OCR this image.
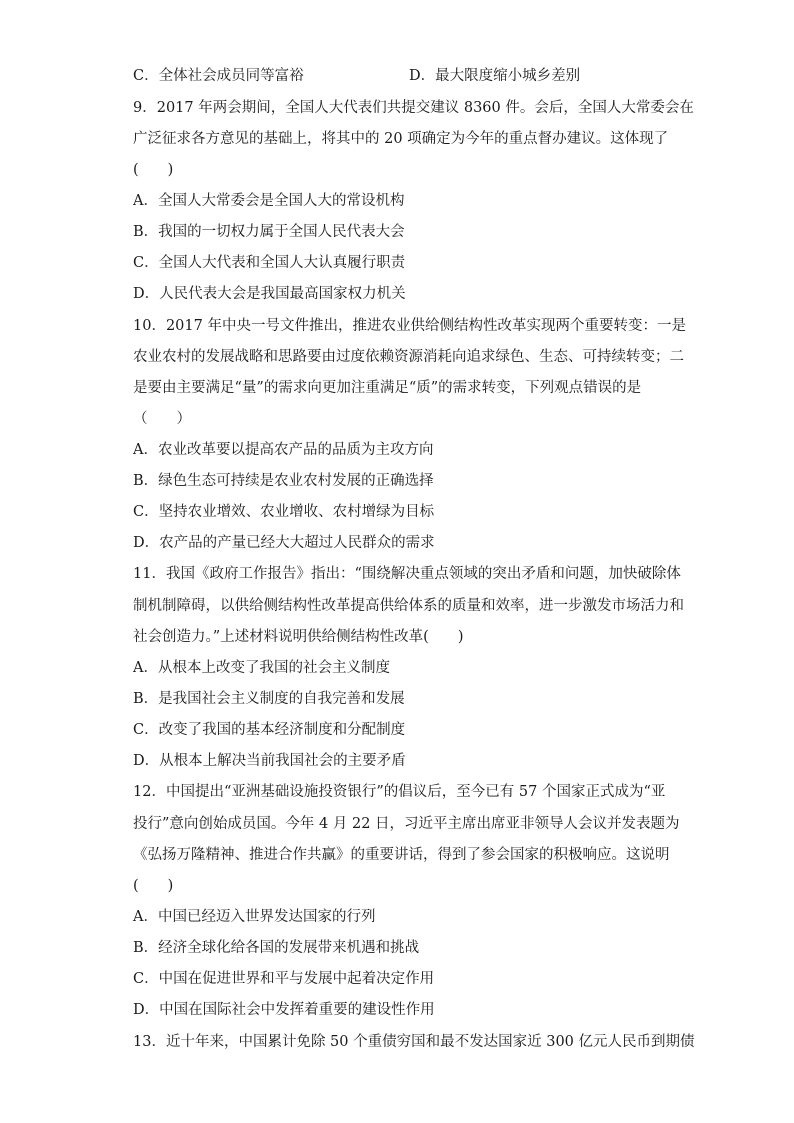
C．全体社会成员同等富裕	D．最大限度缩小城乡差别
9．2017 年两会期间，全国人大代表们共提交建议 8360 件。会后，全国人大常委会在
广泛征求各方意见的基础上，将其中的 20 项确定为今年的重点督办建议。这体现了
(　　)
A．全国人大常委会是全国人大的常设机构
B．我国的一切权力属于全国人民代表大会
C．全国人大代表和全国人大认真履行职责
D．人民代表大会是我国最高国家权力机关
10．2017 年中央一号文件推出，推进农业供给侧结构性改革实现两个重要转变：一是
农业农村的发展战略和思路要由过度依赖资源消耗向追求绿色、生态、可持续转变；二
是要由主要满足“量”的需求向更加注重满足“质”的需求转变，下列观点错误的是
（　　）
A．农业改革要以提高农产品的品质为主攻方向
B．绿色生态可持续是农业农村发展的正确选择
C．坚持农业增效、农业增收、农村增绿为目标
D．农产品的产量已经大大超过人民群众的需求
11．我国《政府工作报告》指出：“围绕解决重点领域的突出矛盾和问题，加快破除体
制机制障碍，以供给侧结构性改革提高供给体系的质量和效率，进一步激发市场活力和
社会创造力。”上述材料说明供给侧结构性改革(　　)
A．从根本上改变了我国的社会主义制度
B．是我国社会主义制度的自我完善和发展
C．改变了我国的基本经济制度和分配制度
D．从根本上解决当前我国社会的主要矛盾
12．中国提出“亚洲基础设施投资银行”的倡议后，至今已有 57 个国家正式成为“亚
投行”意向创始成员国。今年 4 月 22 日，习近平主席出席亚非领导人会议并发表题为
《弘扬万隆精神、推进合作共赢》的重要讲话，得到了参会国家的积极响应。这说明
(　　)
A．中国已经迈入世界发达国家的行列
B．经济全球化给各国的发展带来机遇和挑战
C．中国在促进世界和平与发展中起着决定作用
D．中国在国际社会中发挥着重要的建设性作用
13．近十年来，中国累计免除 50 个重债穷国和最不发达国家近 300 亿元人民币到期债
